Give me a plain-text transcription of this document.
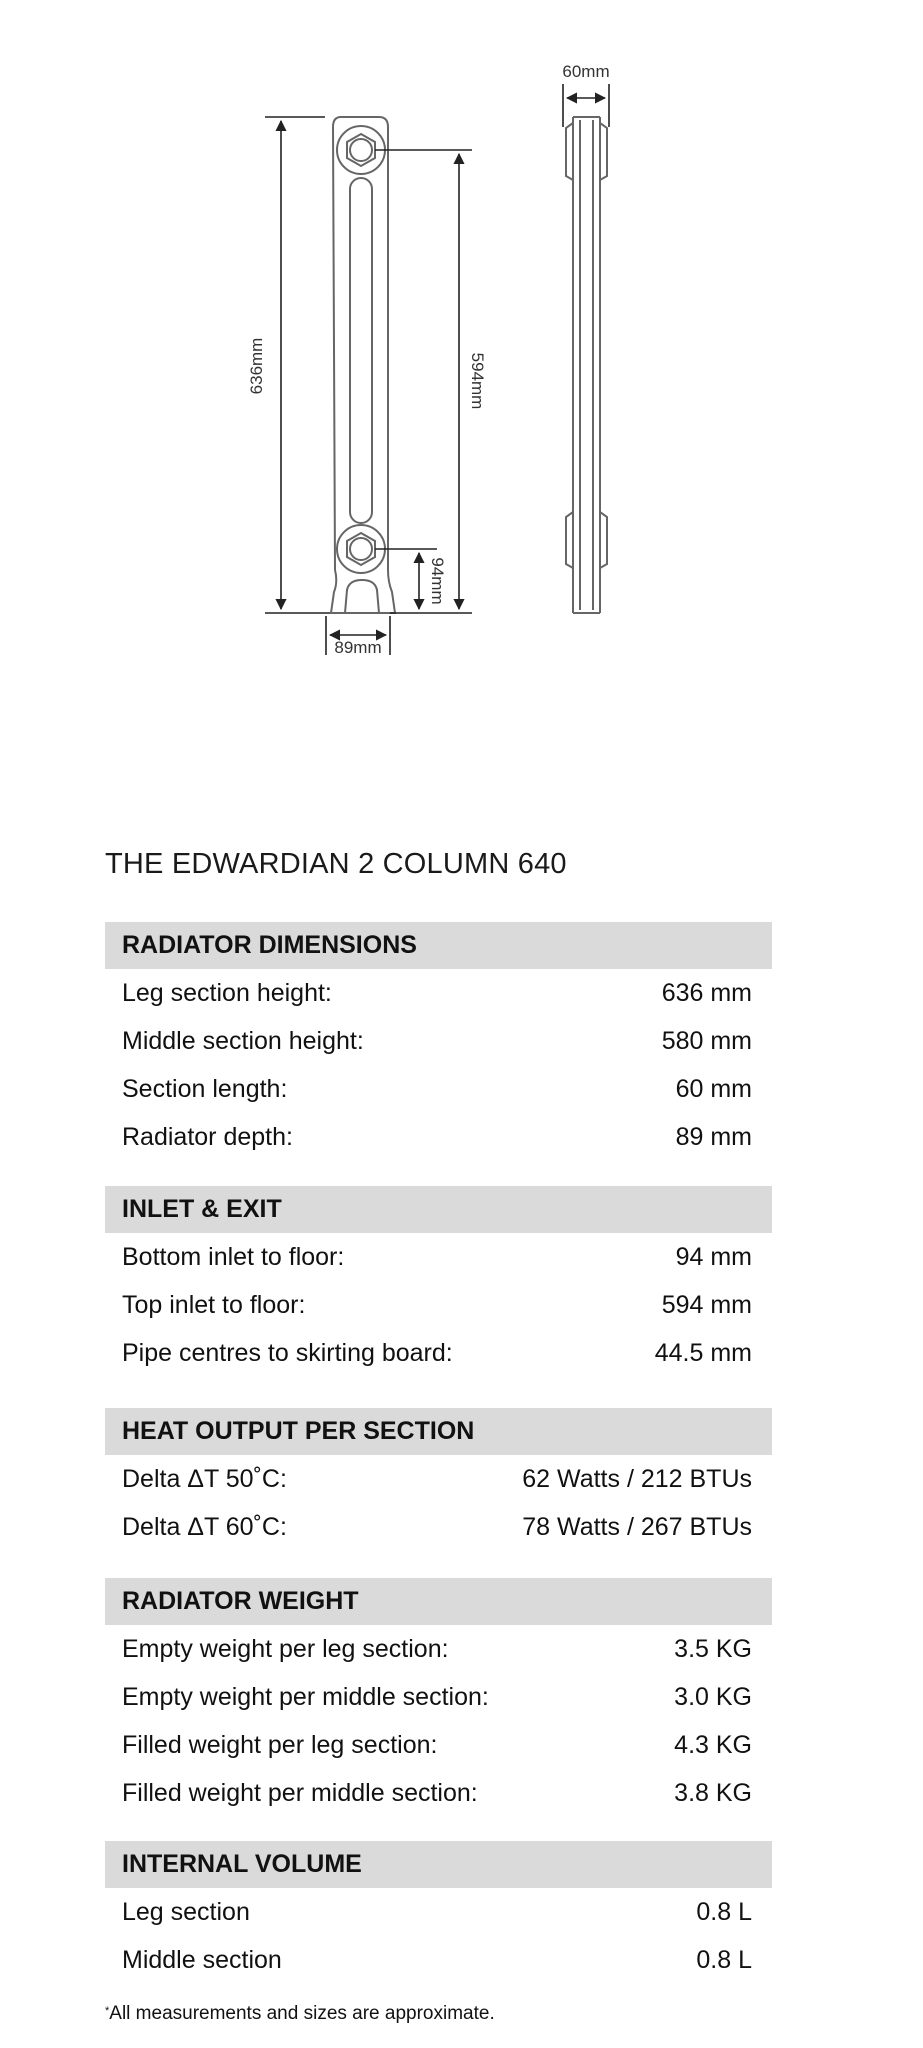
636mm	594mm
94mm
89mm
60mm
THE EDWARDIAN 2 COLUMN 640
RADIATOR DIMENSIONS
Leg section height:	636 mm
Middle section height:	580 mm
Section length:	60 mm
Radiator depth:	89 mm
INLET & EXIT
Bottom inlet to floor:	94 mm
Top inlet to floor:	594 mm
Pipe centres to skirting board:	44.5 mm
HEAT OUTPUT PER SECTION
Delta ΔT 50˚C:	62 Watts / 212 BTUs
Delta ΔT 60˚C:	78 Watts / 267 BTUs
RADIATOR WEIGHT
Empty weight per leg section:	3.5 KG
Empty weight per middle section:	3.0 KG
Filled weight per leg section:	4.3 KG
Filled weight per middle section:	3.8 KG
INTERNAL VOLUME
Leg section	0.8 L
Middle section	0.8 L
*All measurements and sizes are approximate.
